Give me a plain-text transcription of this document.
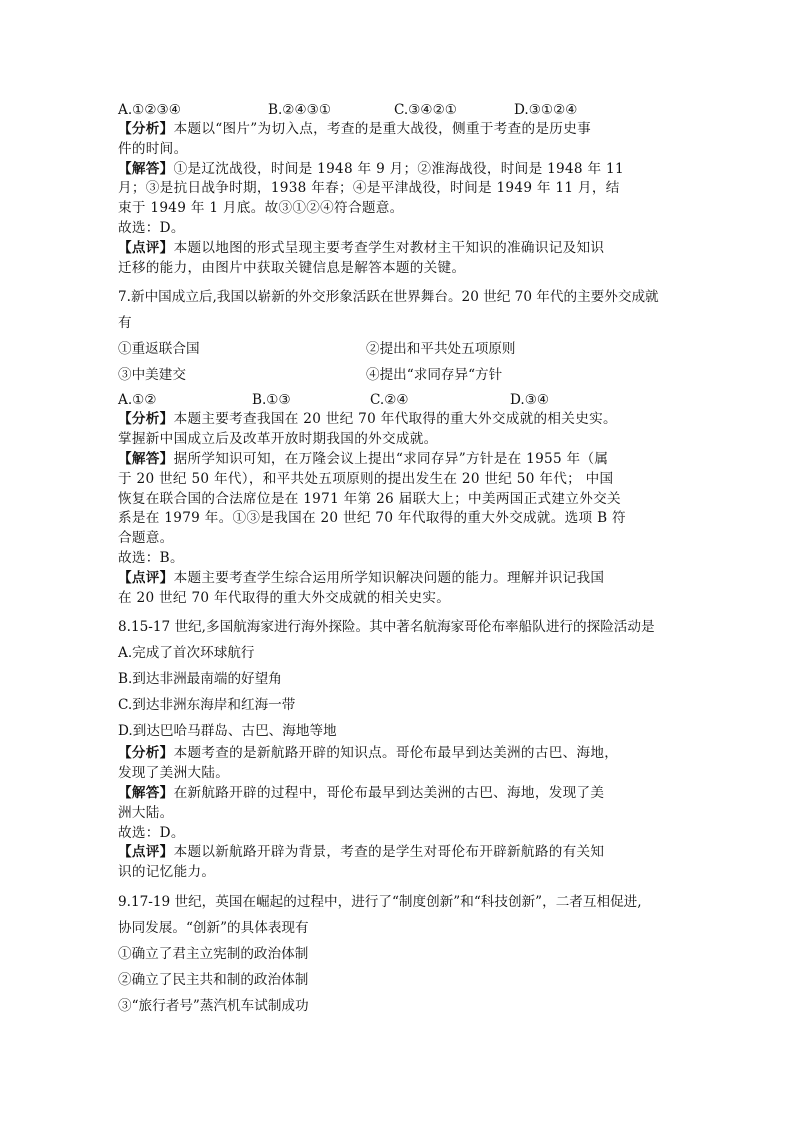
A.①②③④	B.②④③①	C.③④②①	D.③①②④
【分析】本题以“图片”为切入点，考查的是重大战役，侧重于考查的是历史事
件的时间。
【解答】①是辽沈战役，时间是 1948 年 9 月；②淮海战役，时间是 1948 年 11
月；③是抗日战争时期，1938 年春；④是平津战役，时间是 1949 年 11 月，结
束于 1949 年 1 月底。故③①②④符合题意。
故选：D。
【点评】本题以地图的形式呈现主要考查学生对教材主干知识的准确识记及知识
迁移的能力，由图片中获取关键信息是解答本题的关键。
7.新中国成立后,我国以崭新的外交形象活跃在世界舞台。20 世纪 70 年代的主要外交成就
有
①重返联合国	②提出和平共处五项原则
③中美建交	④提出“求同存异“方针
A.①②	B.①③	C.②④	D.③④
【分析】本题主要考查我国在 20 世纪 70 年代取得的重大外交成就的相关史实。
掌握新中国成立后及改革开放时期我国的外交成就。
【解答】据所学知识可知，在万隆会议上提出“求同存异”方针是在 1955 年（属
于 20 世纪 50 年代），和平共处五项原则的提出发生在 20 世纪 50 年代； 中国
恢复在联合国的合法席位是在 1971 年第 26 届联大上；中美两国正式建立外交关
系是在 1979 年。①③是我国在 20 世纪 70 年代取得的重大外交成就。选项 B 符
合题意。
故选：B。
【点评】本题主要考查学生综合运用所学知识解决问题的能力。理解并识记我国
在 20 世纪 70 年代取得的重大外交成就的相关史实。
8.15-17 世纪,多国航海家进行海外探险。其中著名航海家哥伦布率船队进行的探险活动是
A.完成了首次环球航行
B.到达非洲最南端的好望角
C.到达非洲东海岸和红海一带
D.到达巴哈马群岛、古巴、海地等地
【分析】本题考查的是新航路开辟的知识点。哥伦布最早到达美洲的古巴、海地，
发现了美洲大陆。
【解答】在新航路开辟的过程中，哥伦布最早到达美洲的古巴、海地，发现了美
洲大陆。
故选：D。
【点评】本题以新航路开辟为背景，考查的是学生对哥伦布开辟新航路的有关知
识的记忆能力。
9.17-19 世纪，英国在崛起的过程中，进行了“制度创新”和“科技创新”，二者互相促进,
协同发展。“创新”的具体表现有
①确立了君主立宪制的政治体制
②确立了民主共和制的政治体制
③“旅行者号”蒸汽机车试制成功
